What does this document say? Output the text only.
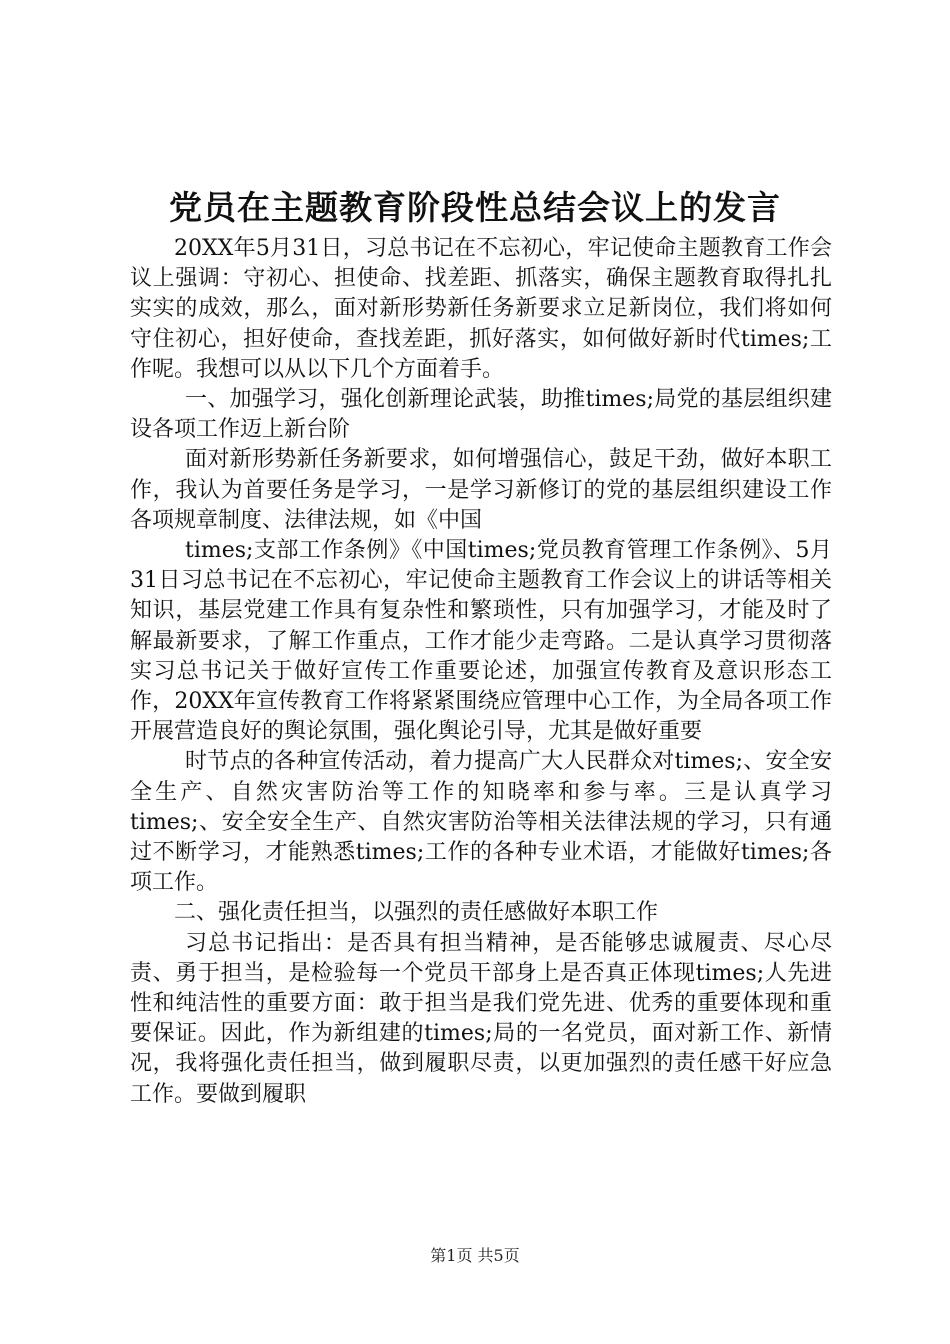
党员在主题教育阶段性总结会议上的发言

20XX年5月31日，习总书记在不忘初心，牢记使命主题教育工作会议上强调：守初心、担使命、找差距、抓落实，确保主题教育取得扎扎实实的成效，那么，面对新形势新任务新要求立足新岗位，我们将如何守住初心，担好使命，查找差距，抓好落实，如何做好新时代times;工作呢。我想可以从以下几个方面着手。

一、加强学习，强化创新理论武装，助推times;局党的基层组织建设各项工作迈上新台阶

面对新形势新任务新要求，如何增强信心，鼓足干劲，做好本职工作，我认为首要任务是学习，一是学习新修订的党的基层组织建设工作各项规章制度、法律法规，如《中国

times;支部工作条例》《中国times;党员教育管理工作条例》、5月31日习总书记在不忘初心，牢记使命主题教育工作会议上的讲话等相关知识，基层党建工作具有复杂性和繁琐性，只有加强学习，才能及时了解最新要求，了解工作重点，工作才能少走弯路。二是认真学习贯彻落实习总书记关于做好宣传工作重要论述，加强宣传教育及意识形态工作，20XX年宣传教育工作将紧紧围绕应管理中心工作，为全局各项工作开展营造良好的舆论氛围，强化舆论引导，尤其是做好重要

时节点的各种宣传活动，着力提高广大人民群众对times;、安全安全生产、自然灾害防治等工作的知晓率和参与率。三是认真学习times;、安全安全生产、自然灾害防治等相关法律法规的学习，只有通过不断学习，才能熟悉times;工作的各种专业术语，才能做好times;各项工作。

二、强化责任担当，以强烈的责任感做好本职工作

习总书记指出：是否具有担当精神，是否能够忠诚履责、尽心尽责、勇于担当，是检验每一个党员干部身上是否真正体现times;人先进性和纯洁性的重要方面：敢于担当是我们党先进、优秀的重要体现和重要保证。因此，作为新组建的times;局的一名党员，面对新工作、新情况，我将强化责任担当，做到履职尽责，以更加强烈的责任感干好应急工作。要做到履职

第1页 共5页
